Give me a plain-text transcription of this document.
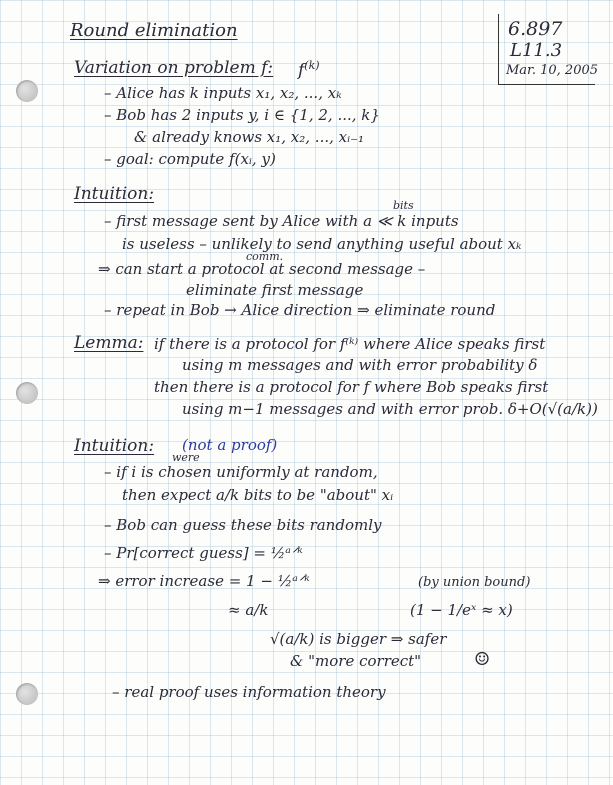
Round elimination	6.897
L11.3
Mar. 10, 2005
Variation on problem f: $f^{(k)}$
– Alice has k inputs x₁, x₂, ..., xₖ
– Bob has 2 inputs y, i ∈ {1, 2, ..., k}
& already knows x₁, x₂, ..., xᵢ₋₁
– goal: compute f(xᵢ, y)
Intuition:
bits
– first message sent by Alice with a ≪ k inputs
is useless – unlikely to send anything useful about xₖ
comm.
⇒ can start a protocol at second message –
eliminate first message
– repeat in Bob → Alice direction ⇒ eliminate round
Lemma: if there is a protocol for f⁽ᵏ⁾ where Alice speaks first
using m messages and with error probability δ
then there is a protocol for f where Bob speaks first
using m−1 messages and with error prob. δ+O(√(a/k))
Intuition: (not a proof)
were
– if i is chosen uniformly at random,
then expect a/k bits to be "about" xᵢ
– Bob can guess these bits randomly
– Pr[correct guess] = ½ᵃᐟᵏ
⇒ error increase = 1 − ½ᵃᐟᵏ	(by union bound)
≈ a/k	(1 − 1/eˣ ≈ x)
√(a/k) is bigger ⇒ safer
& "more correct"	☺
– real proof uses information theory
